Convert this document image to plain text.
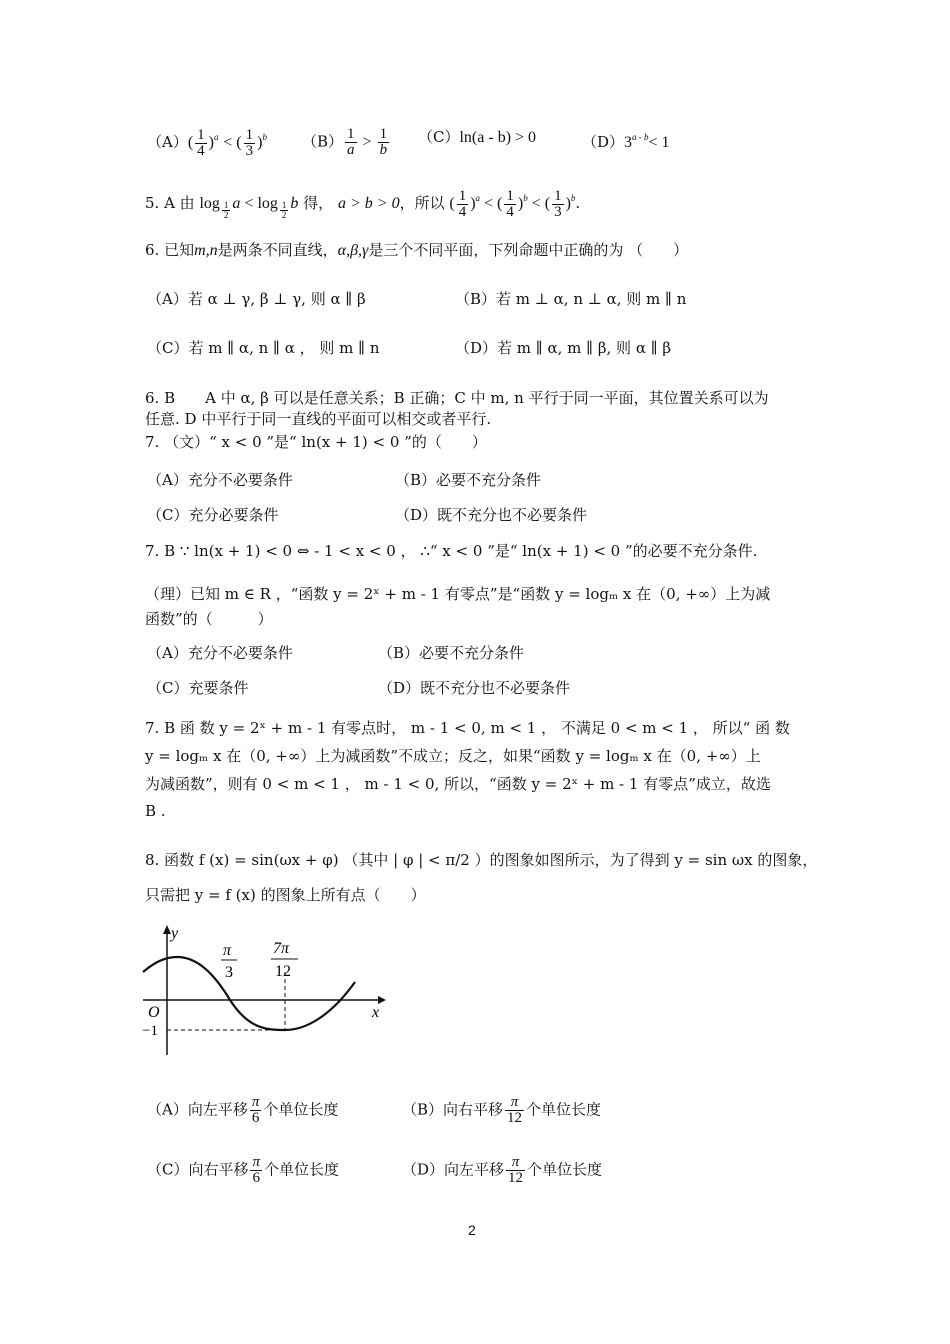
$(A)( \frac{1}{4} )^a$ < ( $\frac{1}{3} )^b$ $(B) \frac{1}{a} > \frac{1}{b} (C)\ln(a - b) > 0$	$(D)3^{a - b}< 1$
5. A 由 $\log \frac{1}{2}$ $a < \log \frac{1}{2}$ b 得， a > b > 0，所以 ( $\frac{1}{4} )^a$ < ( $\frac{1}{4} )^b$ < ( $\frac{1}{3} )^b$.
6. 已知m,n是两条不同直线，α,β,γ是三个不同平面，下列命题中正确的为 （　　）
（A）若 α ⊥ γ, β ⊥ γ, 则 α ∥ β	（B）若 m ⊥ α, n ⊥ α, 则 m ∥ n
（C）若 m ∥ α, n ∥ α ， 则 m ∥ n	（D）若 m ∥ α, m ∥ β, 则 α ∥ β
6. B　　A 中 α, β 可以是任意关系；B 正确；C 中 m, n 平行于同一平面，其位置关系可以为
任意. D 中平行于同一直线的平面可以相交或者平行.
7. （文）“ x < 0 ”是“ ln(x + 1) < 0 ”的（　　）
（A）充分不必要条件	（B）必要不充分条件
（C）充分必要条件	（D）既不充分也不必要条件
7. B ∵ ln(x + 1) < 0 ⇔ - 1 < x < 0 ， ∴“ x < 0 ”是“ ln(x + 1) < 0 ”的必要不充分条件.
（理）已知 m ∈ R ，“函数 y = 2ˣ + m - 1 有零点”是“函数 y = logₘ x 在（0, +∞）上为减
函数”的（　　　）
（A）充分不必要条件	（B）必要不充分条件
（C）充要条件	（D）既不充分也不必要条件
7. B 函 数 y = 2ˣ + m - 1 有零点时， m - 1 < 0, m < 1 ， 不满足 0 < m < 1 ， 所以“ 函 数
y = logₘ x 在（0, +∞）上为减函数”不成立；反之，如果“函数 y = logₘ x 在（0, +∞）上
为减函数”，则有 0 < m < 1 ， m - 1 < 0, 所以，“函数 y = 2ˣ + m - 1 有零点”成立，故选
B .
8. 函数 f (x) = sin(ωx + φ) （其中 | φ | < π/2 ）的图象如图所示，为了得到 y = sin ωx 的图象，
只需把 y = f (x) 的图象上所有点（　　）
y
x
O
−1
π
3
7π
12
（A）向左平移 $\frac{\pi}{6}$ 个单位长度	（B）向右平移 $\frac{\pi}{12}$ 个单位长度
（C）向右平移 $\frac{\pi}{6}$ 个单位长度	（D）向左平移 $\frac{\pi}{12}$ 个单位长度
2
